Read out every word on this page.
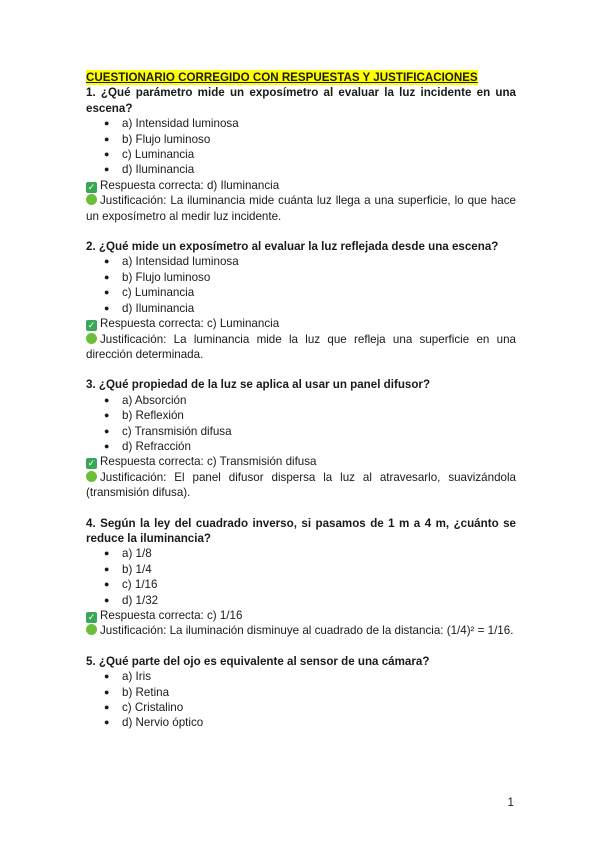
CUESTIONARIO CORREGIDO CON RESPUESTAS Y JUSTIFICACIONES

1. ¿Qué parámetro mide un exposímetro al evaluar la luz incidente en una escena?

● a) Intensidad luminosa
● b) Flujo luminoso
● c) Luminancia
● d) Iluminancia

✓ Respuesta correcta: d) Iluminancia

Justificación: La iluminancia mide cuánta luz llega a una superficie, lo que hace un exposímetro al medir luz incidente.

2. ¿Qué mide un exposímetro al evaluar la luz reflejada desde una escena?

● a) Intensidad luminosa
● b) Flujo luminoso
● c) Luminancia
● d) Iluminancia

✓ Respuesta correcta: c) Luminancia

Justificación: La luminancia mide la luz que refleja una superficie en una dirección determinada.

3. ¿Qué propiedad de la luz se aplica al usar un panel difusor?

● a) Absorción
● b) Reflexión
● c) Transmisión difusa
● d) Refracción

✓ Respuesta correcta: c) Transmisión difusa

Justificación: El panel difusor dispersa la luz al atravesarlo, suavizándola (transmisión difusa).

4. Según la ley del cuadrado inverso, si pasamos de 1 m a 4 m, ¿cuánto se reduce la iluminancia?

● a) 1/8
● b) 1/4
● c) 1/16
● d) 1/32

✓ Respuesta correcta: c) 1/16

Justificación: La iluminación disminuye al cuadrado de la distancia: (1/4)² = 1/16.

5. ¿Qué parte del ojo es equivalente al sensor de una cámara?

● a) Iris
● b) Retina
● c) Cristalino
● d) Nervio óptico
1
